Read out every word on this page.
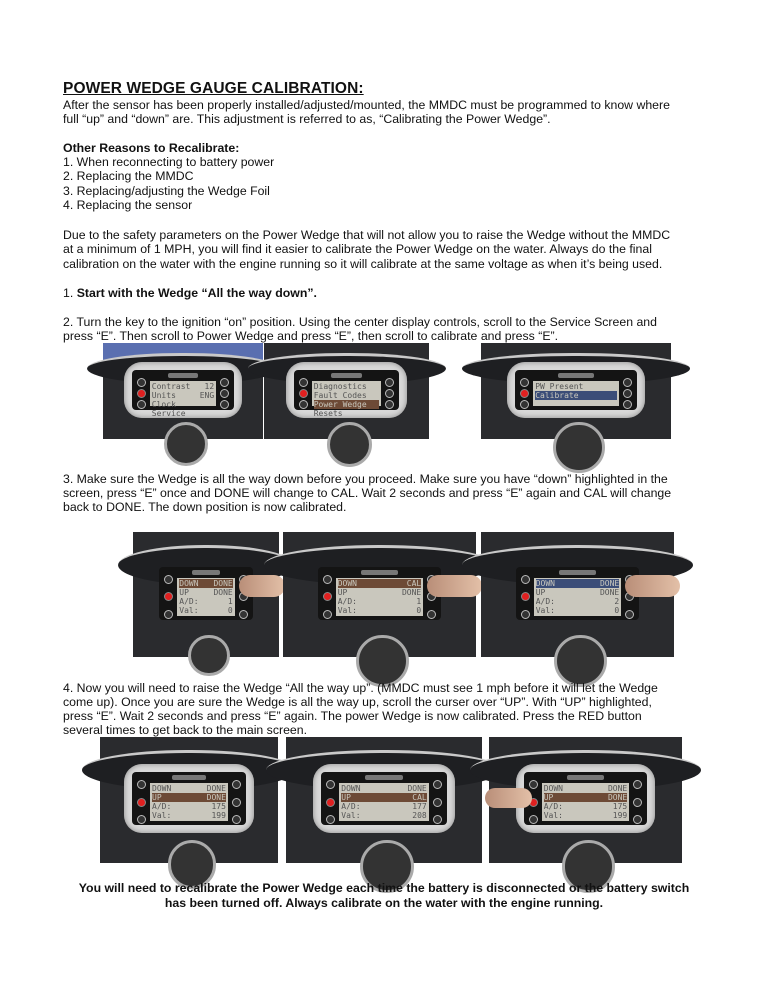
POWER WEDGE GAUGE CALIBRATION:
After the sensor has been properly installed/adjusted/mounted, the MMDC must be programmed to know where
full “up” and “down” are. This adjustment is referred to as, “Calibrating the Power Wedge”.
Other Reasons to Recalibrate:
1. When reconnecting to battery power
2. Replacing the MMDC
3. Replacing/adjusting the Wedge Foil
4. Replacing the sensor
Due to the safety parameters on the Power Wedge that will not allow you to raise the Wedge without the MMDC
at a minimum of 1 MPH, you will find it easier to calibrate the Power Wedge on the water. Always do the final
calibration on the water with the engine running so it will calibrate at the same voltage as when it’s being used.
1. Start with the Wedge “All the way down”.
2. Turn the key to the ignition “on” position. Using the center display controls, scroll to the Service Screen and
press “E”. Then scroll to Power Wedge and press “E”, then scroll to calibrate and press “E”.
Contrast 12
Units	ENG
Clock
Service
Diagnostics
Fault Codes
Power Wedge
Resets
PW Present
Calibrate
3. Make sure the Wedge is all the way down before you proceed. Make sure you have “down” highlighted in the
screen, press “E” once and DONE will change to CAL. Wait 2 seconds and press “E” again and CAL will change
back to DONE. The down position is now calibrated.
DOWN DONE
UP	DONE
A/D:	1
Val:	0
DOWN	CAL
UP	DONE
A/D:	1
Val:	0
DOWN	DONE
UP	DONE
A/D:	2
Val:	0
4. Now you will need to raise the Wedge “All the way up”. (MMDC must see 1 mph before it will let the Wedge
come up). Once you are sure the Wedge is all the way up, scroll the curser over “UP”. With “UP” highlighted,
press “E”. Wait 2 seconds and press “E” again. The power Wedge is now calibrated. Press the RED button
several times to get back to the main screen.
DOWN	DONE
UP	DONE
A/D:	175
Val:	199
DOWN	DONE
UP	CAL
A/D:	177
Val:	208
DOWN	DONE
UP	DONE
A/D:	175
Val:	199
You will need to recalibrate the Power Wedge each time the battery is disconnected or the battery switch
has been turned off. Always calibrate on the water with the engine running.
